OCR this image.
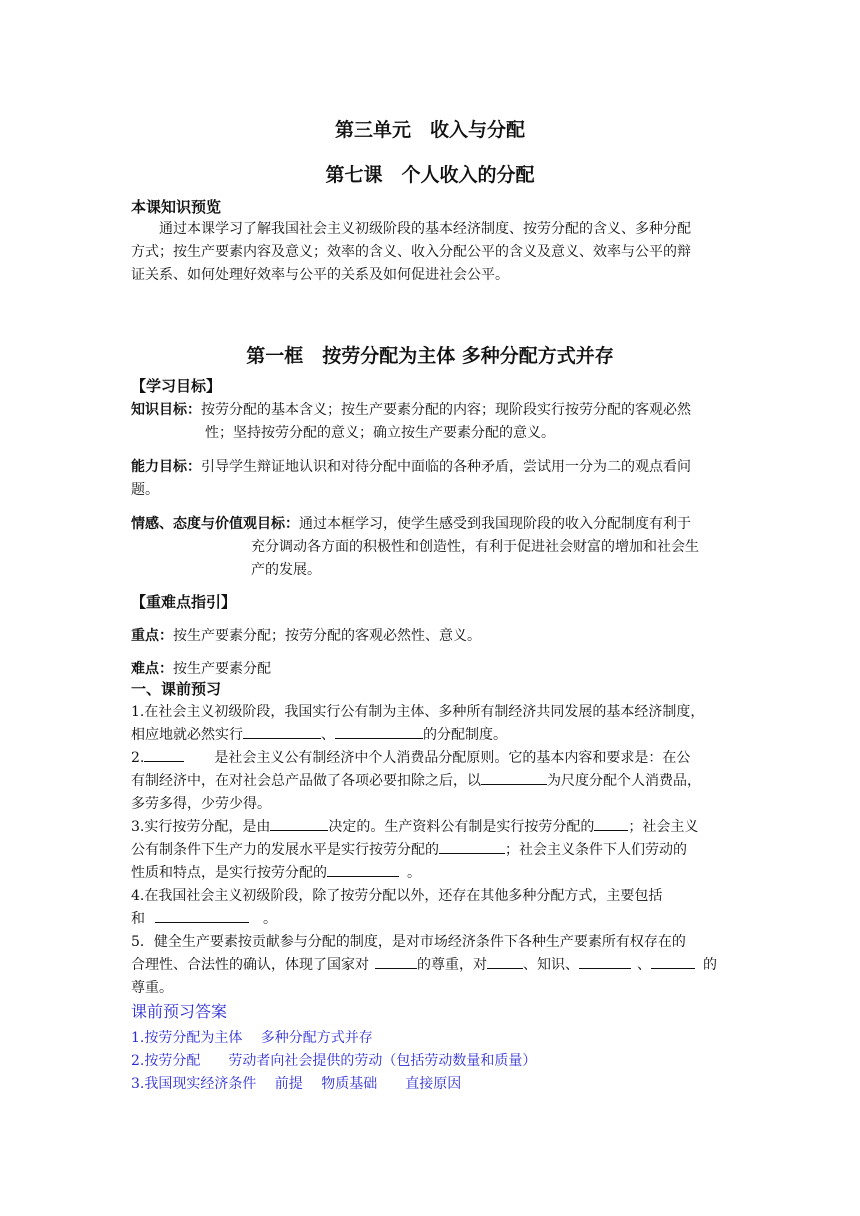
第三单元　收入与分配
第七课　个人收入的分配
本课知识预览
通过本课学习了解我国社会主义初级阶段的基本经济制度、按劳分配的含义、多种分配
方式；按生产要素内容及意义；效率的含义、收入分配公平的含义及意义、效率与公平的辩
证关系、如何处理好效率与公平的关系及如何促进社会公平。
第一框　按劳分配为主体 多种分配方式并存
【学习目标】
知识目标：按劳分配的基本含义；按生产要素分配的内容；现阶段实行按劳分配的客观必然
性；坚持按劳分配的意义；确立按生产要素分配的意义。
能力目标：引导学生辩证地认识和对待分配中面临的各种矛盾，尝试用一分为二的观点看问
题。
情感、态度与价值观目标：通过本框学习，使学生感受到我国现阶段的收入分配制度有利于
充分调动各方面的积极性和创造性，有利于促进社会财富的增加和社会生
产的发展。
【重难点指引】
重点：按生产要素分配；按劳分配的客观必然性、意义。
难点：按生产要素分配
一、课前预习
1.在社会主义初级阶段，我国实行公有制为主体、多种所有制经济共同发展的基本经济制度，
相应地就必然实行	、	的分配制度。
2.	是社会主义公有制经济中个人消费品分配原则。它的基本内容和要求是：在公
有制经济中，在对社会总产品做了各项必要扣除之后，以	为尺度分配个人消费品，
多劳多得，少劳少得。
3.实行按劳分配，是由	决定的。生产资料公有制是实行按劳分配的 ；社会主义
公有制条件下生产力的发展水平是实行按劳分配的	；社会主义条件下人们劳动的
性质和特点，是实行按劳分配的	。
4.在我国社会主义初级阶段，除了按劳分配以外，还存在其他多种分配方式，主要包括
和	。
5．健全生产要素按贡献参与分配的制度，是对市场经济条件下各种生产要素所有权存在的
合理性、合法性的确认，体现了国家对	的尊重，对	、知识、	、	的
尊重。
课前预习答案
1.按劳分配为主体　 多种分配方式并存
2.按劳分配　　劳动者向社会提供的劳动（包括劳动数量和质量）
3.我国现实经济条件　 前提　 物质基础　　直接原因
